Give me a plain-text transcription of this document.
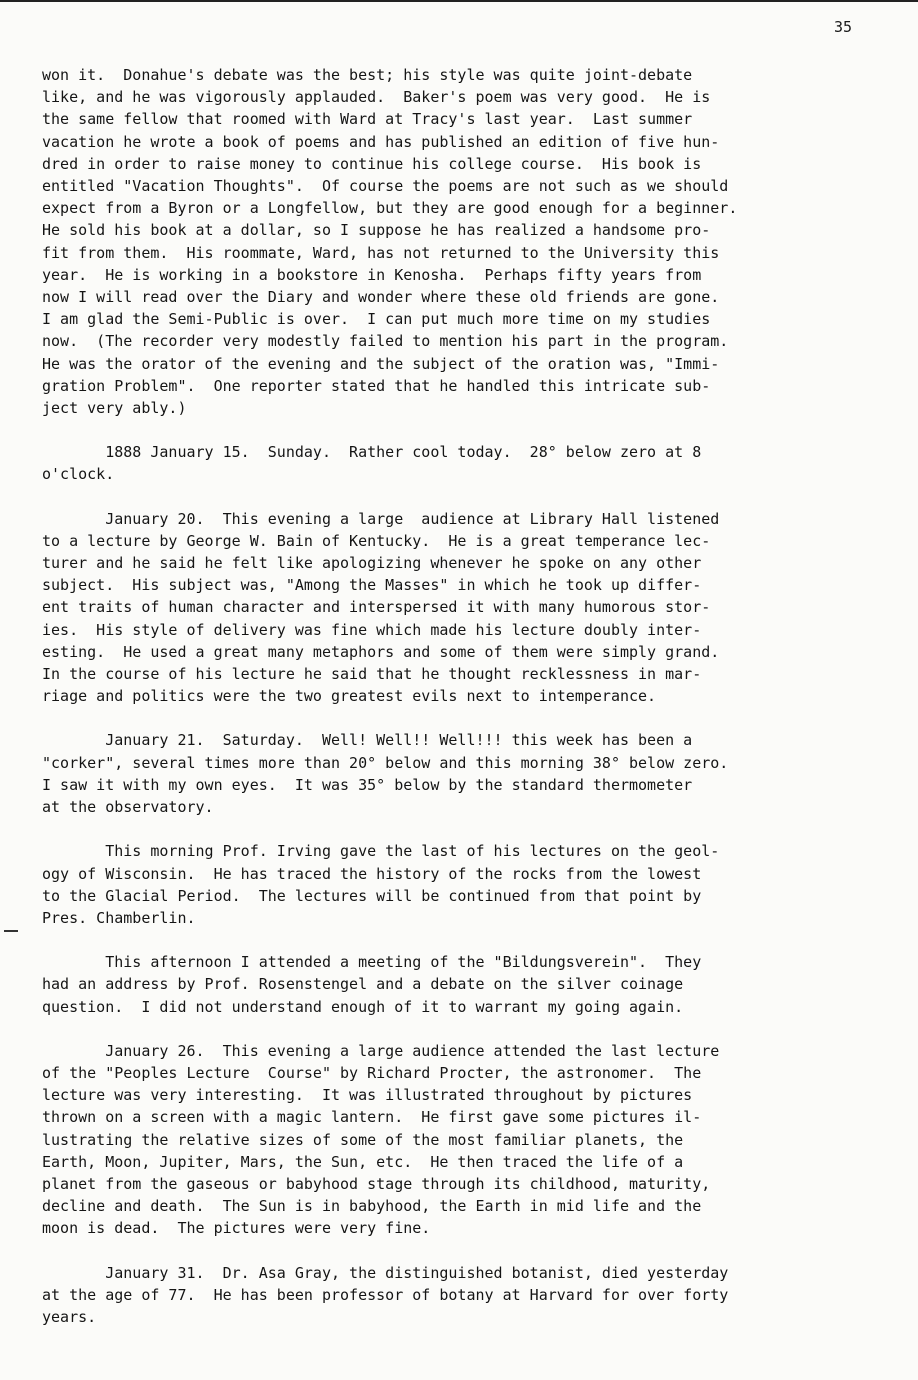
35
won it.  Donahue's debate was the best; his style was quite joint-debate
like, and he was vigorously applauded.  Baker's poem was very good.  He is
the same fellow that roomed with Ward at Tracy's last year.  Last summer
vacation he wrote a book of poems and has published an edition of five hun-
dred in order to raise money to continue his college course.  His book is
entitled "Vacation Thoughts".  Of course the poems are not such as we should
expect from a Byron or a Longfellow, but they are good enough for a beginner.
He sold his book at a dollar, so I suppose he has realized a handsome pro-
fit from them.  His roommate, Ward, has not returned to the University this
year.  He is working in a bookstore in Kenosha.  Perhaps fifty years from
now I will read over the Diary and wonder where these old friends are gone.
I am glad the Semi-Public is over.  I can put much more time on my studies
now.  (The recorder very modestly failed to mention his part in the program.
He was the orator of the evening and the subject of the oration was, "Immi-
gration Problem".  One reporter stated that he handled this intricate sub-
ject very ably.)
1888 January 15.  Sunday.  Rather cool today.  28° below zero at 8
o'clock.
January 20.  This evening a large  audience at Library Hall listened
to a lecture by George W. Bain of Kentucky.  He is a great temperance lec-
turer and he said he felt like apologizing whenever he spoke on any other
subject.  His subject was, "Among the Masses" in which he took up differ-
ent traits of human character and interspersed it with many humorous stor-
ies.  His style of delivery was fine which made his lecture doubly inter-
esting.  He used a great many metaphors and some of them were simply grand.
In the course of his lecture he said that he thought recklessness in mar-
riage and politics were the two greatest evils next to intemperance.
January 21.  Saturday.  Well! Well!! Well!!! this week has been a
"corker", several times more than 20° below and this morning 38° below zero.
I saw it with my own eyes.  It was 35° below by the standard thermometer
at the observatory.
This morning Prof. Irving gave the last of his lectures on the geol-
ogy of Wisconsin.  He has traced the history of the rocks from the lowest
to the Glacial Period.  The lectures will be continued from that point by
Pres. Chamberlin.
This afternoon I attended a meeting of the "Bildungsverein".  They
had an address by Prof. Rosenstengel and a debate on the silver coinage
question.  I did not understand enough of it to warrant my going again.
January 26.  This evening a large audience attended the last lecture
of the "Peoples Lecture  Course" by Richard Procter, the astronomer.  The
lecture was very interesting.  It was illustrated throughout by pictures
thrown on a screen with a magic lantern.  He first gave some pictures il-
lustrating the relative sizes of some of the most familiar planets, the
Earth, Moon, Jupiter, Mars, the Sun, etc.  He then traced the life of a
planet from the gaseous or babyhood stage through its childhood, maturity,
decline and death.  The Sun is in babyhood, the Earth in mid life and the
moon is dead.  The pictures were very fine.
January 31.  Dr. Asa Gray, the distinguished botanist, died yesterday
at the age of 77.  He has been professor of botany at Harvard for over forty
years.
